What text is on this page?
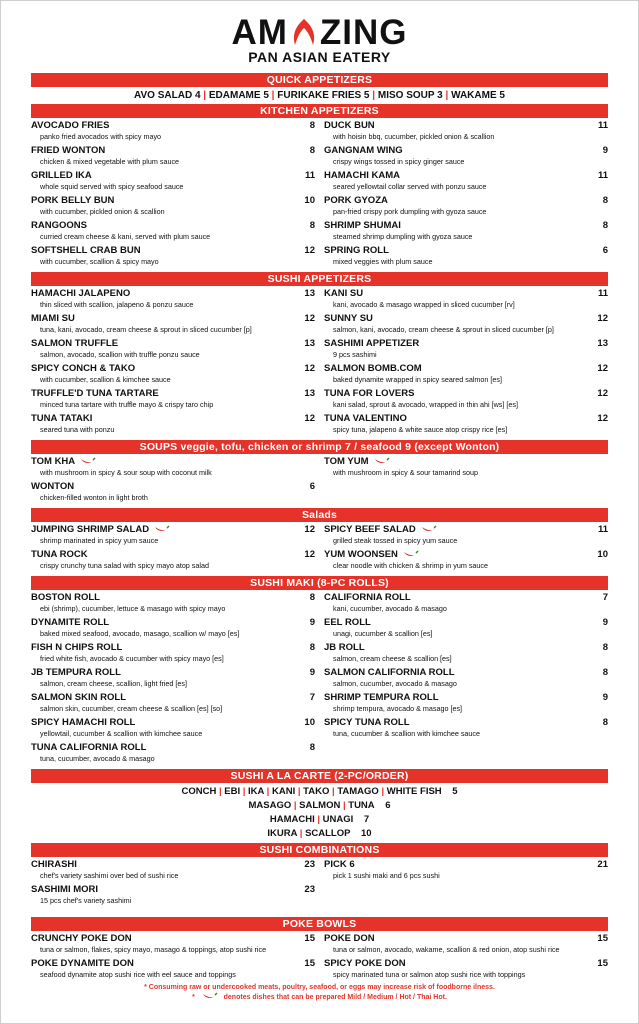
AM ZING
PAN ASIAN EATERY
QUICK APPETIZERS
AVO SALAD 4 | EDAMAME 5 | FURIKAKE FRIES 5 | MISO SOUP 3 | WAKAME 5
KITCHEN APPETIZERS
AVOCADO FRIES	8
panko fried avocados with spicy mayo
FRIED WONTON	8
chicken & mixed vegetable with plum sauce
GRILLED IKA	11
whole squid served with spicy seafood sauce
PORK BELLY BUN	10
with cucumber, pickled onion & scallion
RANGOONS	8
curried cream cheese & kani, served with plum sauce
SOFTSHELL CRAB BUN	12
with cucumber, scallion & spicy mayo
DUCK BUN	11
with hoisin bbq, cucumber, pickled onion & scallion
GANGNAM WING	9
crispy wings tossed in spicy ginger sauce
HAMACHI KAMA	11
seared yellowtail collar served with ponzu sauce
PORK GYOZA	8
pan-fried crispy pork dumpling with gyoza sauce
SHRIMP SHUMAI	8
steamed shrimp dumpling with gyoza sauce
SPRING ROLL	6
mixed veggies with plum sauce
SUSHI APPETIZERS
HAMACHI JALAPENO	13
thin sliced with scallion, jalapeno & ponzu sauce
MIAMI SU	12
tuna, kani, avocado, cream cheese & sprout in sliced cucumber [p]
SALMON TRUFFLE	13
salmon, avocado, scallion with truffle ponzu sauce
SPICY CONCH & TAKO	12
with cucumber, scallion & kimchee sauce
TRUFFLE'D TUNA TARTARE	13
minced tuna tartare with truffle mayo & crispy taro chip
TUNA TATAKI	12
seared tuna with ponzu
KANI SU	11
kani, avocado & masago wrapped in sliced cucumber [rv]
SUNNY SU	12
salmon, kani, avocado, cream cheese & sprout in sliced cucumber [p]
SASHIMI APPETIZER	13
9 pcs sashimi
SALMON BOMB.COM	12
baked dynamite wrapped in spicy seared salmon [es]
TUNA FOR LOVERS	12
kani salad, sprout & avocado, wrapped in thin ahi [ws] [es]
TUNA VALENTINO	12
spicy tuna, jalapeno & white sauce atop crispy rice [es]
SOUPS veggie, tofu, chicken or shrimp 7 / seafood 9 (except Wonton)
TOM KHA
with mushroom in spicy & sour soup with coconut milk
WONTON	6
chicken-filled wonton in light broth
TOM YUM
with mushroom in spicy & sour tamarind soup
Salads
JUMPING SHRIMP SALAD	12
shrimp marinated in spicy yum sauce
TUNA ROCK	12
crispy crunchy tuna salad with spicy mayo atop salad
SPICY BEEF SALAD	11
grilled steak tossed in spicy yum sauce
YUM WOONSEN	10
clear noodle with chicken & shrimp in yum sauce
SUSHI MAKI (8-PC ROLLS)
BOSTON ROLL	8
ebi (shrimp), cucumber, lettuce & masago with spicy mayo
DYNAMITE ROLL	9
baked mixed seafood, avocado, masago, scallion w/ mayo [es]
FISH N CHIPS ROLL	8
fried white fish, avocado & cucumber with spicy mayo [es]
JB TEMPURA ROLL	9
salmon, cream cheese, scallion, light fried [es]
SALMON SKIN ROLL	7
salmon skin, cucumber, cream cheese & scallion [es] [so]
SPICY HAMACHI ROLL	10
yellowtail, cucumber & scallion with kimchee sauce
TUNA CALIFORNIA ROLL	8
tuna, cucumber, avocado & masago
CALIFORNIA ROLL	7
kani, cucumber, avocado & masago
EEL ROLL	9
unagi, cucumber & scallion [es]
JB ROLL	8
salmon, cream cheese & scallion [es]
SALMON CALIFORNIA ROLL	8
salmon, cucumber, avocado & masago
SHRIMP TEMPURA ROLL	9
shrimp tempura, avocado & masago [es]
SPICY TUNA ROLL	8
tuna, cucumber & scallion with kimchee sauce
SUSHI A LA CARTE (2-PC/ORDER)
CONCH | EBI | IKA | KANI | TAKO | TAMAGO | WHITE FISH 5
MASAGO | SALMON | TUNA 6
HAMACHI | UNAGI 7
IKURA | SCALLOP 10
SUSHI COMBINATIONS
CHIRASHI	23
chef's variety sashimi over bed of sushi rice
SASHIMI MORI	23
15 pcs chef's variety sashimi
PICK 6	21
pick 1 sushi maki and 6 pcs sushi
POKE BOWLS
CRUNCHY POKE DON	15
tuna or salmon, flakes, spicy mayo, masago & toppings, atop sushi rice
POKE DYNAMITE DON	15
seafood dynamite atop sushi rice with eel sauce and toppings
POKE DON	15
tuna or salmon, avocado, wakame, scallion & red onion, atop sushi rice
SPICY POKE DON	15
spicy marinated tuna or salmon atop sushi rice with toppings
* Consuming raw or undercooked meats, poultry, seafood, or eggs may increase risk of foodborne ilness.
*	denotes dishes that can be prepared Mild / Medium / Hot / Thai Hot.
